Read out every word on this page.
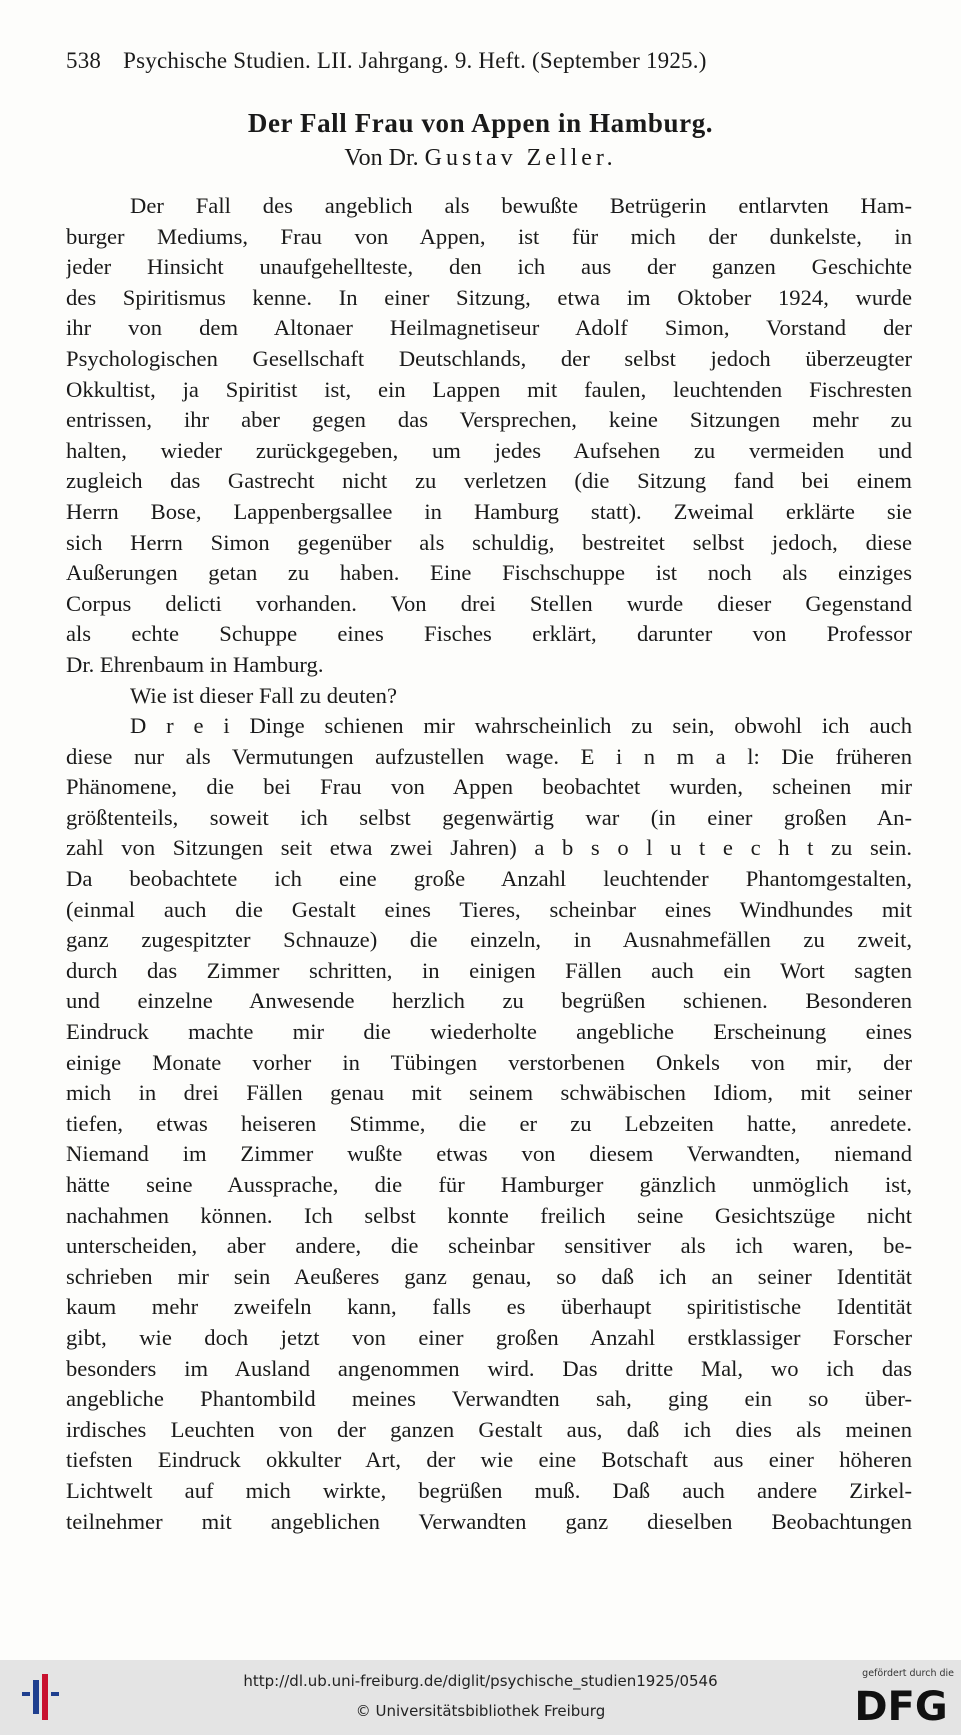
538 Psychische Studien. LII. Jahrgang. 9. Heft. (September 1925.)
Der Fall Frau von Appen in Hamburg.
Von Dr. Gustav Zeller.
Der Fall des angeblich als bewußte Betrügerin entlarvten Ham-
burger Mediums, Frau von Appen, ist für mich der dunkelste, in
jeder Hinsicht unaufgehellteste, den ich aus der ganzen Geschichte
des Spiritismus kenne. In einer Sitzung, etwa im Oktober 1924, wurde
ihr von dem Altonaer Heilmagnetiseur Adolf Simon, Vorstand der
Psychologischen Gesellschaft Deutschlands, der selbst jedoch überzeugter
Okkultist, ja Spiritist ist, ein Lappen mit faulen, leuchtenden Fischresten
entrissen, ihr aber gegen das Versprechen, keine Sitzungen mehr zu
halten, wieder zurückgegeben, um jedes Aufsehen zu vermeiden und
zugleich das Gastrecht nicht zu verletzen (die Sitzung fand bei einem
Herrn Bose, Lappenbergsallee in Hamburg statt). Zweimal erklärte sie
sich Herrn Simon gegenüber als schuldig, bestreitet selbst jedoch, diese
Außerungen getan zu haben. Eine Fischschuppe ist noch als einziges
Corpus delicti vorhanden. Von drei Stellen wurde dieser Gegenstand
als echte Schuppe eines Fisches erklärt, darunter von Professor
Dr. Ehrenbaum in Hamburg.
Wie ist dieser Fall zu deuten?
D r e i Dinge schienen mir wahrscheinlich zu sein, obwohl ich auch
diese nur als Vermutungen aufzustellen wage. E i n m a l: Die früheren
Phänomene, die bei Frau von Appen beobachtet wurden, scheinen mir
größtenteils, soweit ich selbst gegenwärtig war (in einer großen An-
zahl von Sitzungen seit etwa zwei Jahren) a b s o l u t e c h t zu sein.
Da beobachtete ich eine große Anzahl leuchtender Phantomgestalten,
(einmal auch die Gestalt eines Tieres, scheinbar eines Windhundes mit
ganz zugespitzter Schnauze) die einzeln, in Ausnahmefällen zu zweit,
durch das Zimmer schritten, in einigen Fällen auch ein Wort sagten
und einzelne Anwesende herzlich zu begrüßen schienen. Besonderen
Eindruck machte mir die wiederholte angebliche Erscheinung eines
einige Monate vorher in Tübingen verstorbenen Onkels von mir, der
mich in drei Fällen genau mit seinem schwäbischen Idiom, mit seiner
tiefen, etwas heiseren Stimme, die er zu Lebzeiten hatte, anredete.
Niemand im Zimmer wußte etwas von diesem Verwandten, niemand
hätte seine Aussprache, die für Hamburger gänzlich unmöglich ist,
nachahmen können. Ich selbst konnte freilich seine Gesichtszüge nicht
unterscheiden, aber andere, die scheinbar sensitiver als ich waren, be-
schrieben mir sein Aeußeres ganz genau, so daß ich an seiner Identität
kaum mehr zweifeln kann, falls es überhaupt spiritistische Identität
gibt, wie doch jetzt von einer großen Anzahl erstklassiger Forscher
besonders im Ausland angenommen wird. Das dritte Mal, wo ich das
angebliche Phantombild meines Verwandten sah, ging ein so über-
irdisches Leuchten von der ganzen Gestalt aus, daß ich dies als meinen
tiefsten Eindruck okkulter Art, der wie eine Botschaft aus einer höheren
Lichtwelt auf mich wirkte, begrüßen muß. Daß auch andere Zirkel-
teilnehmer mit angeblichen Verwandten ganz dieselben Beobachtungen
http://dl.ub.uni-freiburg.de/diglit/psychische_studien1925/0546
© Universitätsbibliothek Freiburg
gefördert durch die
DFG
